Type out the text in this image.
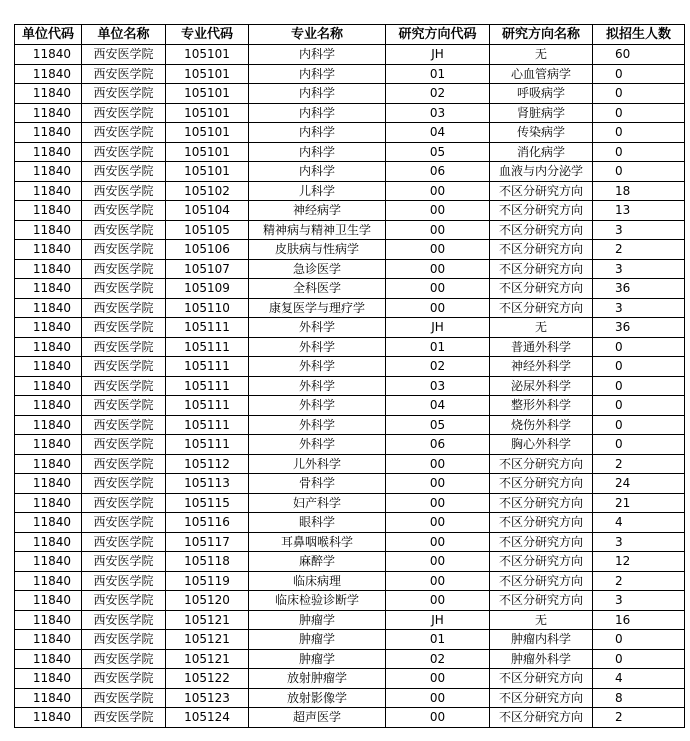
单位代码	单位名称	专业代码	专业名称	研究方向代码	研究方向名称	拟招生人数
11840	西安医学院	105101	内科学	JH	无	60
11840	西安医学院	105101	内科学	01	心血管病学	0
11840	西安医学院	105101	内科学	02	呼吸病学	0
11840	西安医学院	105101	内科学	03	肾脏病学	0
11840	西安医学院	105101	内科学	04	传染病学	0
11840	西安医学院	105101	内科学	05	消化病学	0
11840	西安医学院	105101	内科学	06	血液与内分泌学	0
11840	西安医学院	105102	儿科学	00	不区分研究方向	18
11840	西安医学院	105104	神经病学	00	不区分研究方向	13
11840	西安医学院	105105	精神病与精神卫生学	00	不区分研究方向	3
11840	西安医学院	105106	皮肤病与性病学	00	不区分研究方向	2
11840	西安医学院	105107	急诊医学	00	不区分研究方向	3
11840	西安医学院	105109	全科医学	00	不区分研究方向	36
11840	西安医学院	105110	康复医学与理疗学	00	不区分研究方向	3
11840	西安医学院	105111	外科学	JH	无	36
11840	西安医学院	105111	外科学	01	普通外科学	0
11840	西安医学院	105111	外科学	02	神经外科学	0
11840	西安医学院	105111	外科学	03	泌尿外科学	0
11840	西安医学院	105111	外科学	04	整形外科学	0
11840	西安医学院	105111	外科学	05	烧伤外科学	0
11840	西安医学院	105111	外科学	06	胸心外科学	0
11840	西安医学院	105112	儿外科学	00	不区分研究方向	2
11840	西安医学院	105113	骨科学	00	不区分研究方向	24
11840	西安医学院	105115	妇产科学	00	不区分研究方向	21
11840	西安医学院	105116	眼科学	00	不区分研究方向	4
11840	西安医学院	105117	耳鼻咽喉科学	00	不区分研究方向	3
11840	西安医学院	105118	麻醉学	00	不区分研究方向	12
11840	西安医学院	105119	临床病理	00	不区分研究方向	2
11840	西安医学院	105120	临床检验诊断学	00	不区分研究方向	3
11840	西安医学院	105121	肿瘤学	JH	无	16
11840	西安医学院	105121	肿瘤学	01	肿瘤内科学	0
11840	西安医学院	105121	肿瘤学	02	肿瘤外科学	0
11840	西安医学院	105122	放射肿瘤学	00	不区分研究方向	4
11840	西安医学院	105123	放射影像学	00	不区分研究方向	8
11840	西安医学院	105124	超声医学	00	不区分研究方向	2
